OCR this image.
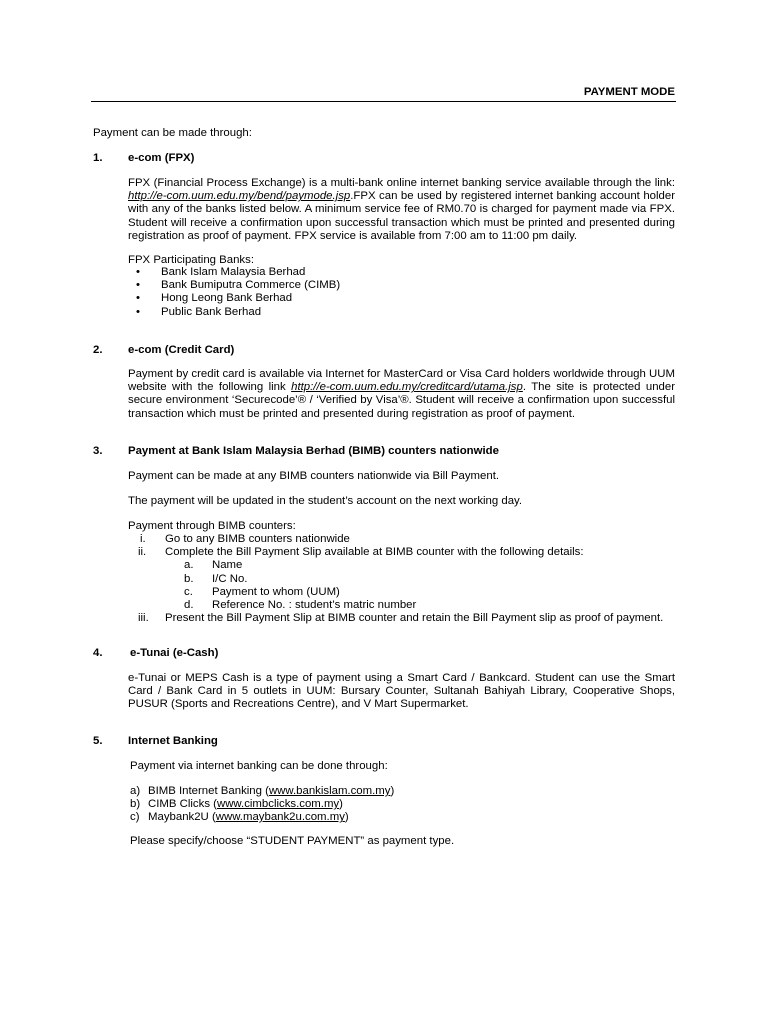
PAYMENT MODE
Payment can be made through:
1. e-com (FPX)
FPX (Financial Process Exchange) is a multi-bank online internet banking service available through the link: http://e-com.uum.edu.my/bend/paymode.jsp.FPX can be used by registered internet banking account holder with any of the banks listed below. A minimum service fee of RM0.70 is charged for payment made via FPX. Student will receive a confirmation upon successful transaction which must be printed and presented during registration as proof of payment. FPX service is available from 7:00 am to 11:00 pm daily.
FPX Participating Banks:
• Bank Islam Malaysia Berhad
• Bank Bumiputra Commerce (CIMB)
• Hong Leong Bank Berhad
• Public Bank Berhad
2. e-com (Credit Card)
Payment by credit card is available via Internet for MasterCard or Visa Card holders worldwide through UUM website with the following link http://e-com.uum.edu.my/creditcard/utama.jsp. The site is protected under secure environment ‘Securecode’® / ‘Verified by Visa’®. Student will receive a confirmation upon successful transaction which must be printed and presented during registration as proof of payment.
3. Payment at Bank Islam Malaysia Berhad (BIMB) counters nationwide
Payment can be made at any BIMB counters nationwide via Bill Payment.
The payment will be updated in the student’s account on the next working day.
Payment through BIMB counters:
i. Go to any BIMB counters nationwide
ii. Complete the Bill Payment Slip available at BIMB counter with the following details:
a. Name
b. I/C No.
c. Payment to whom (UUM)
d. Reference No. : student’s matric number
iii. Present the Bill Payment Slip at BIMB counter and retain the Bill Payment slip as proof of payment.
4. e-Tunai (e-Cash)
e-Tunai or MEPS Cash is a type of payment using a Smart Card / Bankcard. Student can use the Smart Card / Bank Card in 5 outlets in UUM: Bursary Counter, Sultanah Bahiyah Library, Cooperative Shops, PUSUR (Sports and Recreations Centre), and V Mart Supermarket.
5. Internet Banking
Payment via internet banking can be done through:
a) BIMB Internet Banking (www.bankislam.com.my)
b) CIMB Clicks (www.cimbclicks.com.my)
c) Maybank2U (www.maybank2u.com.my)
Please specify/choose “STUDENT PAYMENT” as payment type.
